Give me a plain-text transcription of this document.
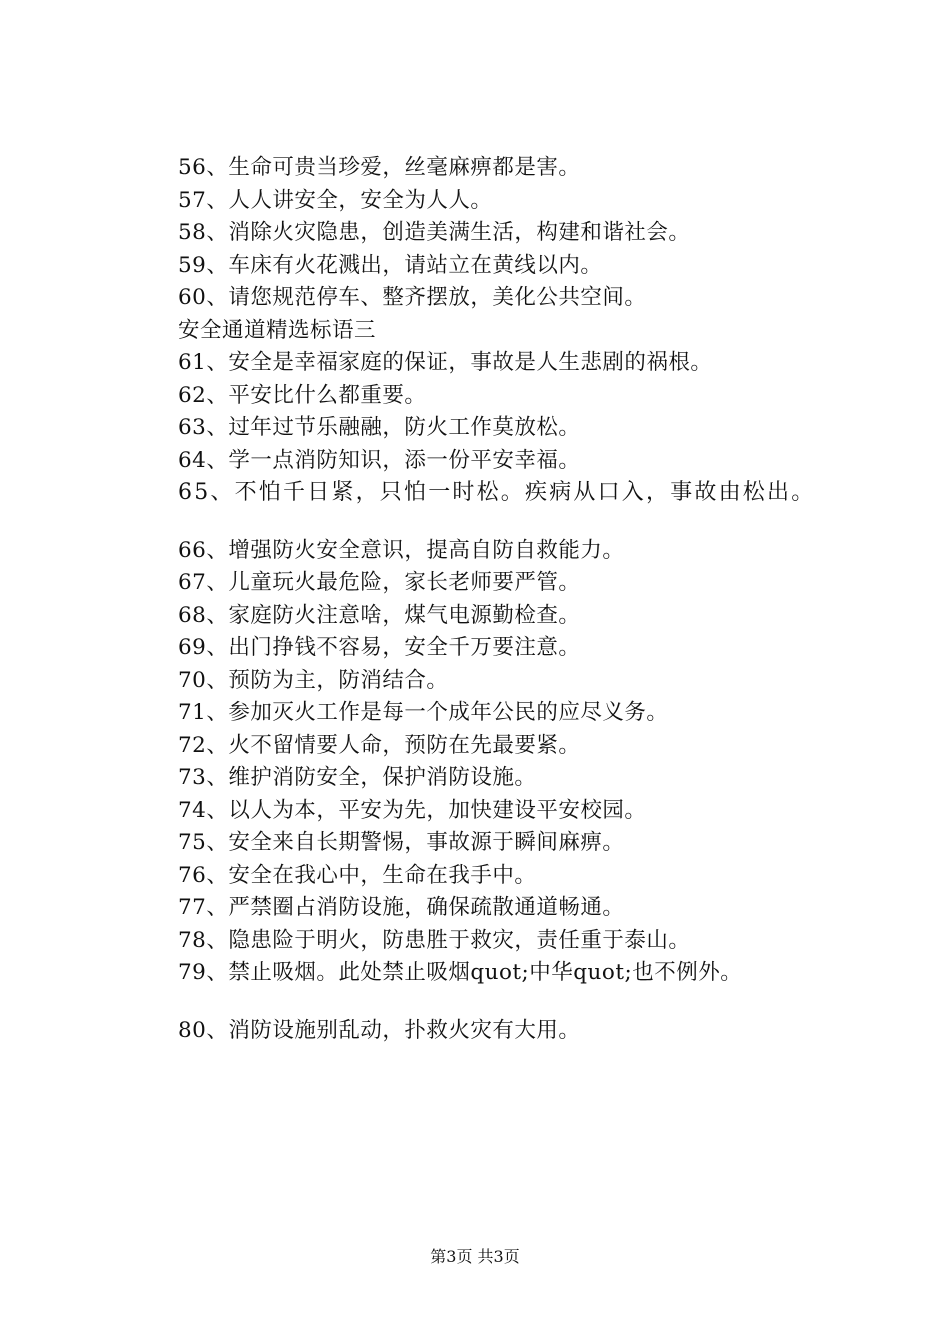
56、生命可贵当珍爱，丝毫麻痹都是害。
57、人人讲安全，安全为人人。
58、消除火灾隐患，创造美满生活，构建和谐社会。
59、车床有火花溅出，请站立在黄线以内。
60、请您规范停车、整齐摆放，美化公共空间。
安全通道精选标语三
61、安全是幸福家庭的保证，事故是人生悲剧的祸根。
62、平安比什么都重要。
63、过年过节乐融融，防火工作莫放松。
64、学一点消防知识，添一份平安幸福。
65、不怕千日紧，只怕一时松。疾病从口入，事故由松出。
66、增强防火安全意识，提高自防自救能力。
67、儿童玩火最危险，家长老师要严管。
68、家庭防火注意啥，煤气电源勤检查。
69、出门挣钱不容易，安全千万要注意。
70、预防为主，防消结合。
71、参加灭火工作是每一个成年公民的应尽义务。
72、火不留情要人命，预防在先最要紧。
73、维护消防安全，保护消防设施。
74、以人为本，平安为先，加快建设平安校园。
75、安全来自长期警惕，事故源于瞬间麻痹。
76、安全在我心中，生命在我手中。
77、严禁圈占消防设施，确保疏散通道畅通。
78、隐患险于明火，防患胜于救灾，责任重于泰山。
79、禁止吸烟。此处禁止吸烟quot;中华quot;也不例外。
80、消防设施别乱动，扑救火灾有大用。
第3页 共3页
